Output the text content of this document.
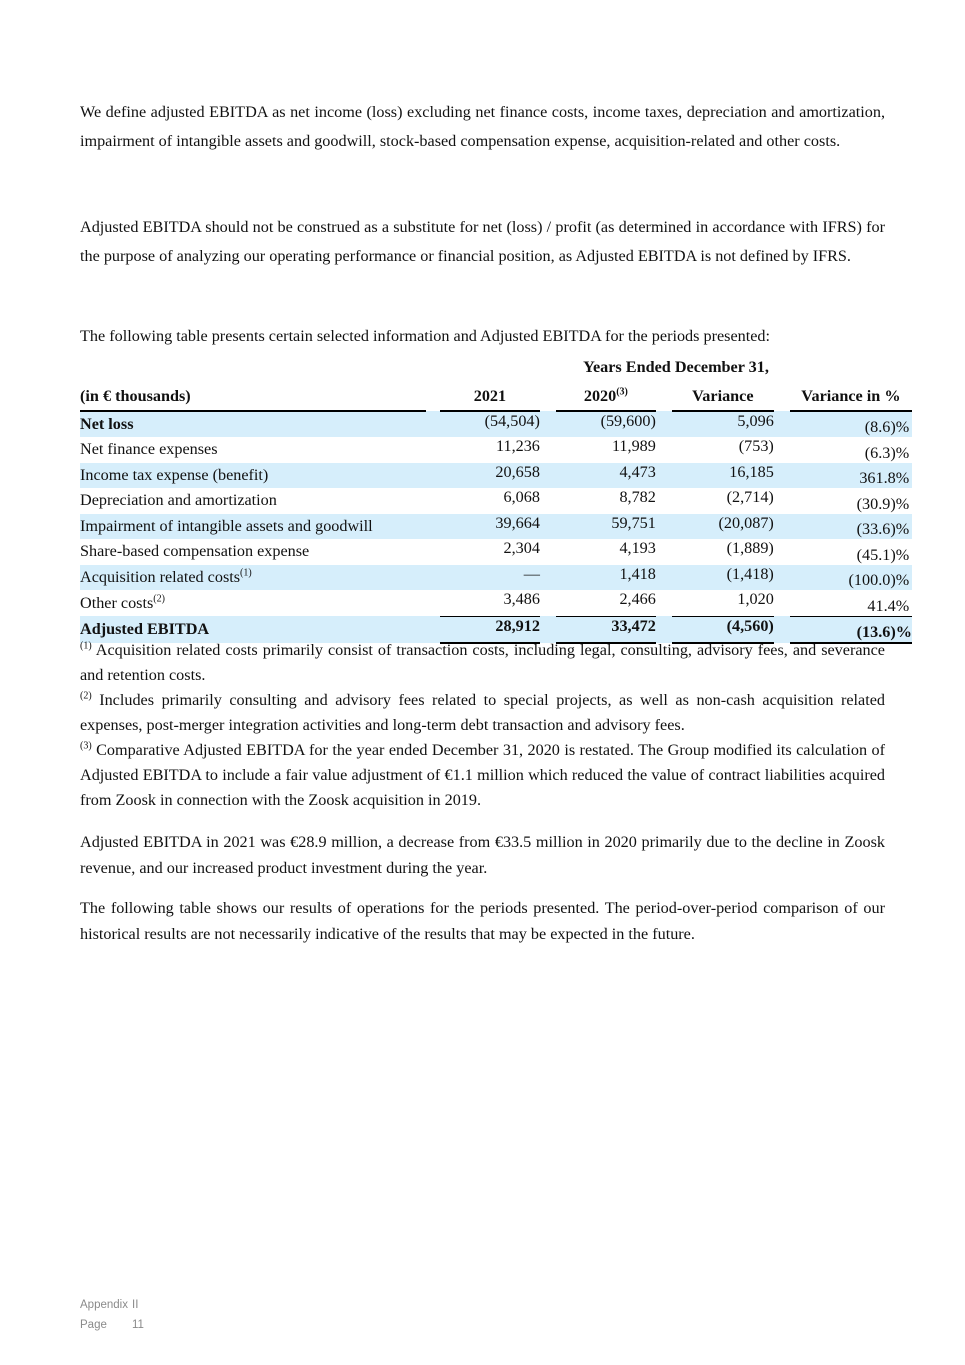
We define adjusted EBITDA as net income (loss) excluding net finance costs, income taxes, depreciation and amortization, impairment of intangible assets and goodwill, stock-based compensation expense, acquisition-related and other costs.

Adjusted EBITDA should not be construed as a substitute for net (loss) / profit (as determined in accordance with IFRS) for the purpose of analyzing our operating performance or financial position, as Adjusted EBITDA is not defined by IFRS.

The following table presents certain selected information and Adjusted EBITDA for the periods presented:

Years Ended December 31,
(in € thousands)		2021		2020$^{(3)}$		Variance		Variance in %	
Net loss		(54,504)		(59,600)		5,096		(8.6)	%
Net finance expenses		11,236		11,989		(753)		(6.3)	%
Income tax expense (benefit)		20,658		4,473		16,185		361.8	%
Depreciation and amortization		6,068		8,782		(2,714)		(30.9)	%
Impairment of intangible assets and goodwill		39,664		59,751		(20,087)		(33.6)	%
Share-based compensation expense		2,304		4,193		(1,889)		(45.1)	%
Acquisition related costs$^{(1)}$		—		1,418		(1,418)		(100.0)	%
Other costs$^{(2)}$		3,486		2,466		1,020		41.4	%
Adjusted EBITDA		28,912		33,472		(4,560)		(13.6)	%

$^{(1)}$ Acquisition related costs primarily consist of transaction costs, including legal, consulting, advisory fees, and severance and retention costs.

$^{(2)}$ Includes primarily consulting and advisory fees related to special projects, as well as non-cash acquisition related expenses, post-merger integration activities and long-term debt transaction and advisory fees.

$^{(3)}$ Comparative Adjusted EBITDA for the year ended December 31, 2020 is restated. The Group modified its calculation of Adjusted EBITDA to include a fair value adjustment of €1.1 million which reduced the value of contract liabilities acquired from Zoosk in connection with the Zoosk acquisition in 2019.

Adjusted EBITDA in 2021 was €28.9 million, a decrease from €33.5 million in 2020 primarily due to the decline in Zoosk revenue, and our increased product investment during the year.

The following table shows our results of operations for the periods presented. The period-over-period comparison of our historical results are not necessarily indicative of the results that may be expected in the future.

Appendix II
Page 11
